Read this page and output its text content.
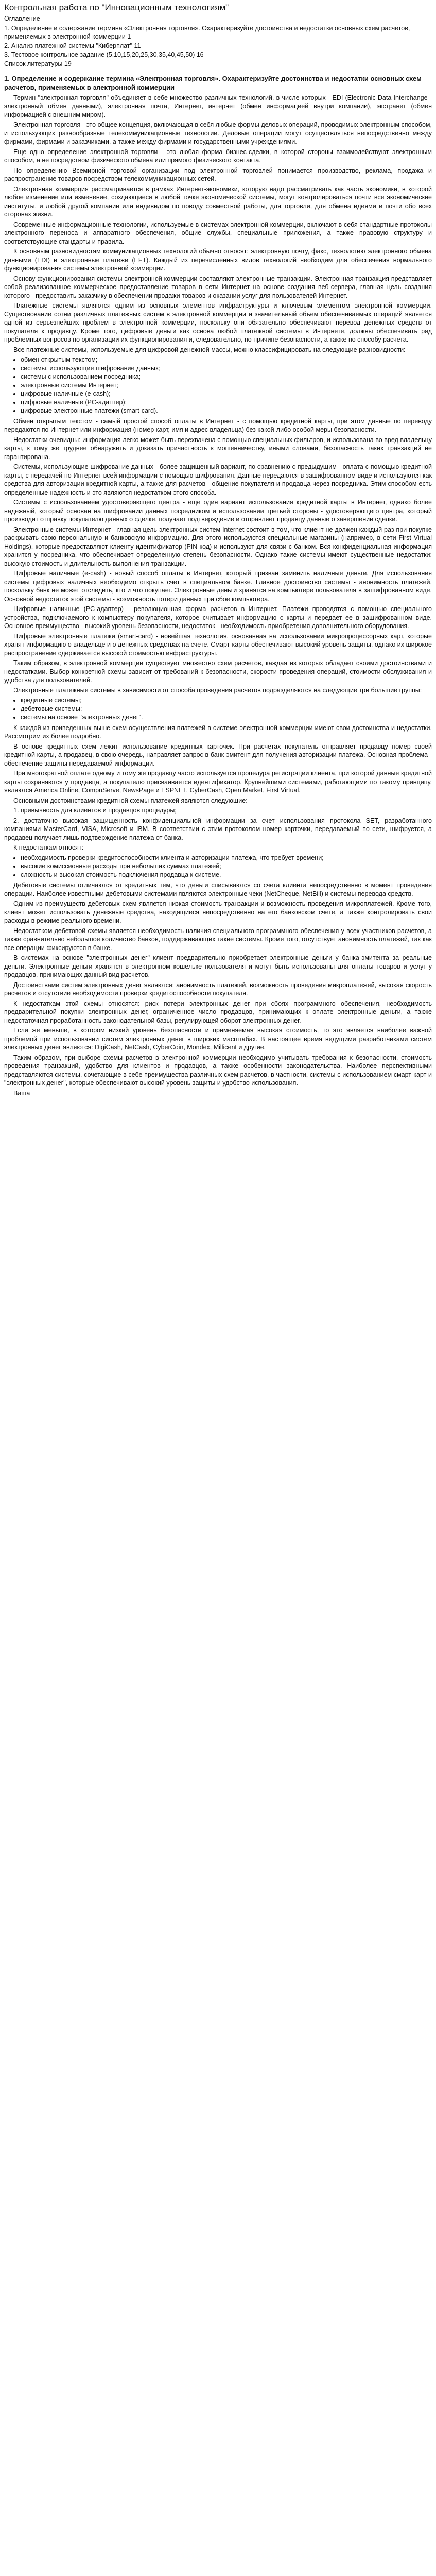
Контрольная работа по "Инновационным технологиям"
Оглавление

1. Определение и содержание термина «Электронная торговля». Охарактеризуйте достоинства и недостатки основных схем расчетов, применяемых в электронной коммерции 1

2. Анализ платежной системы "Киберплат" 11

3. Тестовое контрольное задание (5,10,15,20,25,30,35,40,45,50) 16

Список литературы 19

1. Определение и содержание термина «Электронная торговля». Охарактеризуйте достоинства и недостатки основных схем расчетов, применяемых в электронной коммерции

Термин "электронная торговля" объединяет в себе множество различных технологий, в числе которых - EDI (Electronic Data Interchange - электронный обмен данными), электронная почта, Интернет, интернет (обмен информацией внутри компании), экстранет (обмен информацией с внешним миром).

Электронная торговля - это общее концепция, включающая в себя любые формы деловых операций, проводимых электронным способом, и использующих разнообразные телекоммуникационные технологии. Деловые операции могут осуществляться непосредственно между фирмами, фирмами и заказчиками, а также между фирмами и государственными учреждениями.

Еще одно определение электронной торговли - это любая форма бизнес-сделки, в которой стороны взаимодействуют электронным способом, а не посредством физического обмена или прямого физического контакта.

По определению Всемирной торговой организации под электронной торговлей понимается производство, реклама, продажа и распространение товаров посредством телекоммуникационных сетей.

Электронная коммерция рассматривается в рамках Интернет-экономики, которую надо рассматривать как часть экономики, в которой любое изменение или изменение, создающиеся в любой точке экономической системы, могут контролироваться почти все экономические институты, и любой другой компании или индивидом по поводу совместной работы, для торговли, для обмена идеями и почти обо всех сторонах жизни.

Современные информационные технологии, используемые в системах электронной коммерции, включают в себя стандартные протоколы электронного переноса и аппаратного обеспечения, общие службы, специальные приложения, а также правовую структуру и соответствующие стандарты и правила.

К основным разновидностям коммуникационных технологий обычно относят: электронную почту, факс, технологию электронного обмена данными (EDI) и электронные платежи (EFT). Каждый из перечисленных видов технологий необходим для обеспечения нормального функционирования системы электронной коммерции.

Основу функционирования системы электронной коммерции составляют электронные транзакции. Электронная транзакция представляет собой реализованное коммерческое предоставление товаров в сети Интернет на основе создания веб-сервера, главная цель создания которого - предоставить заказчику в обеспечении продажи товаров и оказании услуг для пользователей Интернет.

Платежные системы являются одним из основных элементов инфраструктуры и ключевым элементом электронной коммерции. Существование сотни различных платежных систем в электронной коммерции и значительный объем обеспечиваемых операций является одной из серьезнейших проблем в электронной коммерции, поскольку они обязательно обеспечивают перевод денежных средств от покупателя к продавцу. Кроме того, цифровые деньги как основа любой платежной системы в Интернете, должны обеспечивать ряд проблемных вопросов по организации их функционирования и, следовательно, по причине безопасности, а также по способу расчета.

Все платежные системы, используемые для цифровой денежной массы, можно классифицировать на следующие разновидности:

• обмен открытым текстом;
• системы, использующие шифрование данных;
• системы с использованием посредника;
• электронные системы Интернет;
• цифровые наличные (e-cash);
• цифровые наличные (PC-адаптер);
• цифровые электронные платежи (smart-card).

Обмен открытым текстом - самый простой способ оплаты в Интернет - с помощью кредитной карты, при этом данные по переводу передаются по Интернет или информация (номер карт, имя и адрес владельца) без какой-либо особой меры безопасности.

Недостатки очевидны: информация легко может быть перехвачена с помощью специальных фильтров, и использована во вред владельцу карты, к тому же труднее обнаружить и доказать причастность к мошенничеству, иными словами, безопасность таких транзакций не гарантирована.

Системы, использующие шифрование данных - более защищенный вариант, по сравнению с предыдущим - оплата с помощью кредитной карты, с передачей по Интернет всей информации с помощью шифрования. Данные передаются в зашифрованном виде и используются как средства для авторизации кредитной карты, а также для расчетов - общение покупателя и продавца через посредника. Этим способом есть определенные надежность и это являются недостатком этого способа.

Системы с использованием удостоверяющего центра - еще один вариант использования кредитной карты в Интернет, однако более надежный, который основан на шифровании данных посредником и использовании третьей стороны - удостоверяющего центра, который производит отправку покупателю данных о сделке, получает подтверждение и отправляет продавцу данные о завершении сделки.

Электронные системы Интернет - главная цель электронных систем Internet состоит в том, что клиент не должен каждый раз при покупке раскрывать свою персональную и банковскую информацию. Для этого используются специальные магазины (например, в сети First Virtual Holdings), которые предоставляют клиенту идентификатор (PIN-код) и используют для связи с банком. Вся конфиденциальная информация хранится у посредника, что обеспечивает определенную степень безопасности. Однако такие системы имеют существенные недостатки: высокую стоимость и длительность выполнения транзакции.

Цифровые наличные (e-cash) - новый способ оплаты в Интернет, который призван заменить наличные деньги. Для использования системы цифровых наличных необходимо открыть счет в специальном банке. Главное достоинство системы - анонимность платежей, поскольку банк не может отследить, кто и что покупает. Электронные деньги хранятся на компьютере пользователя в зашифрованном виде. Основной недостаток этой системы - возможность потери данных при сбое компьютера.

Цифровые наличные (PC-адаптер) - революционная форма расчетов в Интернет. Платежи проводятся с помощью специального устройства, подключаемого к компьютеру покупателя, которое считывает информацию с карты и передает ее в зашифрованном виде. Основное преимущество - высокий уровень безопасности, недостаток - необходимость приобретения дополнительного оборудования.

Цифровые электронные платежи (smart-card) - новейшая технология, основанная на использовании микропроцессорных карт, которые хранят информацию о владельце и о денежных средствах на счете. Смарт-карты обеспечивают высокий уровень защиты, однако их широкое распространение сдерживается высокой стоимостью инфраструктуры.

Таким образом, в электронной коммерции существует множество схем расчетов, каждая из которых обладает своими достоинствами и недостатками. Выбор конкретной схемы зависит от требований к безопасности, скорости проведения операций, стоимости обслуживания и удобства для пользователей.

Электронные платежные системы в зависимости от способа проведения расчетов подразделяются на следующие три большие группы:

• кредитные системы;
• дебетовые системы;
• системы на основе "электронных денег".

К каждой из приведенных выше схем осуществления платежей в системе электронной коммерции имеют свои достоинства и недостатки. Рассмотрим их более подробно.

В основе кредитных схем лежит использование кредитных карточек. При расчетах покупатель отправляет продавцу номер своей кредитной карты, а продавец, в свою очередь, направляет запрос в банк-эмитент для получения авторизации платежа. Основная проблема - обеспечение защиты передаваемой информации.

При многократной оплате одному и тому же продавцу часто используется процедура регистрации клиента, при которой данные кредитной карты сохраняются у продавца, а покупателю присваивается идентификатор. Крупнейшими системами, работающими по такому принципу, являются America Online, CompuServe, NewsPage и ESPNET, CyberCash, Open Market, First Virtual.

Основными достоинствами кредитной схемы платежей являются следующие:

1. привычность для клиентов и продавцов процедуры;

2. достаточно высокая защищенность конфиденциальной информации за счет использования протокола SET, разработанного компаниями MasterCard, VISA, Microsoft и IBM. В соответствии с этим протоколом номер карточки, передаваемый по сети, шифруется, а продавец получает лишь подтверждение платежа от банка.

К недостаткам относят:

• необходимость проверки кредитоспособности клиента и авторизации платежа, что требует времени;
• высокие комиссионные расходы при небольших суммах платежей;
• сложность и высокая стоимость подключения продавца к системе.

Дебетовые системы отличаются от кредитных тем, что деньги списываются со счета клиента непосредственно в момент проведения операции. Наиболее известными дебетовыми системами являются электронные чеки (NetCheque, NetBill) и системы перевода средств.

Одним из преимуществ дебетовых схем является низкая стоимость транзакции и возможность проведения микроплатежей. Кроме того, клиент может использовать денежные средства, находящиеся непосредственно на его банковском счете, а также контролировать свои расходы в режиме реального времени.

Недостатком дебетовой схемы является необходимость наличия специального программного обеспечения у всех участников расчетов, а также сравнительно небольшое количество банков, поддерживающих такие системы. Кроме того, отсутствует анонимность платежей, так как все операции фиксируются в банке.

В системах на основе "электронных денег" клиент предварительно приобретает электронные деньги у банка-эмитента за реальные деньги. Электронные деньги хранятся в электронном кошельке пользователя и могут быть использованы для оплаты товаров и услуг у продавцов, принимающих данный вид расчетов.

Достоинствами систем электронных денег являются: анонимность платежей, возможность проведения микроплатежей, высокая скорость расчетов и отсутствие необходимости проверки кредитоспособности покупателя.

К недостаткам этой схемы относятся: риск потери электронных денег при сбоях программного обеспечения, необходимость предварительной покупки электронных денег, ограниченное число продавцов, принимающих к оплате электронные деньги, а также недостаточная проработанность законодательной базы, регулирующей оборот электронных денег.

Если же меньше, в котором низкий уровень безопасности и применяемая высокая стоимость, то это является наиболее важной проблемой при использовании систем электронных денег в широких масштабах. В настоящее время ведущими разработчиками систем электронных денег являются: DigiCash, NetCash, CyberCoin, Mondex, Millicent и другие.

Таким образом, при выборе схемы расчетов в электронной коммерции необходимо учитывать требования к безопасности, стоимость проведения транзакций, удобство для клиентов и продавцов, а также особенности законодательства. Наиболее перспективными представляются системы, сочетающие в себе преимущества различных схем расчетов, в частности, системы с использованием смарт-карт и "электронных денег", которые обеспечивают высокий уровень защиты и удобство использования.

Ваша
